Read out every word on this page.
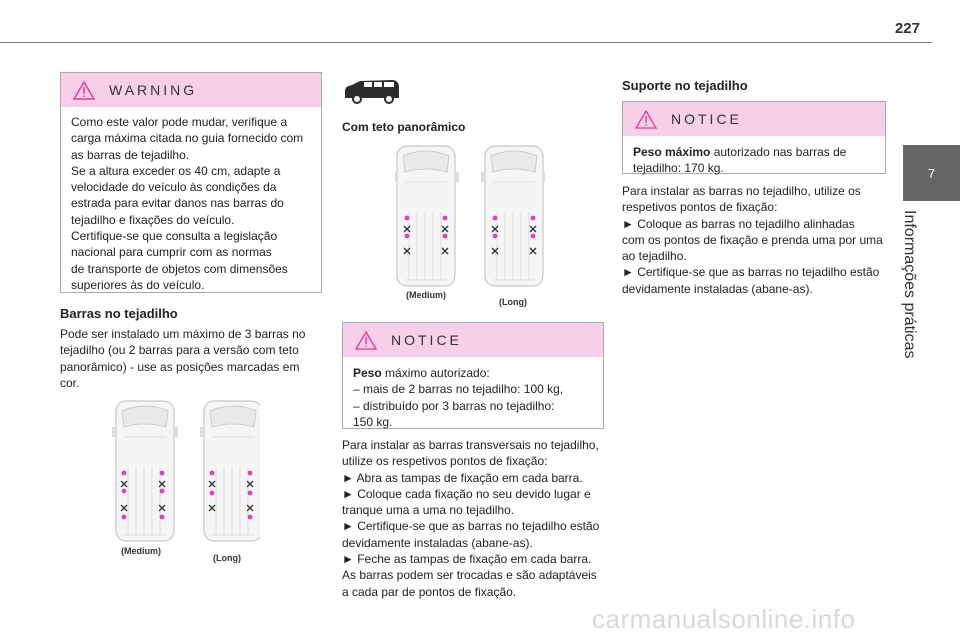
227
7
Informações práticas
WARNING
Como este valor pode mudar, verifique a
carga máxima citada no guia fornecido com
as barras de tejadilho.
Se a altura exceder os 40 cm, adapte a
velocidade do veículo às condições da
estrada para evitar danos nas barras do
tejadilho e fixações do veículo.
Certifique-se que consulta a legislação
nacional para cumprir com as normas
de transporte de objetos com dimensões
superiores às do veículo.
Barras no tejadilho
Pode ser instalado um máximo de 3 barras no
tejadilho (ou 2 barras para a versão com teto
panorâmico) - use as posições marcadas em
cor.
(Medium)
(Long)
Com teto panorâmico
(Medium)
(Long)
NOTICE
Peso máximo autorizado:
– mais de 2 barras no tejadilho: 100 kg,
– distribuído por 3 barras no tejadilho:
150 kg.
Para instalar as barras transversais no tejadilho,
utilize os respetivos pontos de fixação:
► Abra as tampas de fixação em cada barra.
► Coloque cada fixação no seu devido lugar e
tranque uma a uma no tejadilho.
► Certifique-se que as barras no tejadilho estão
devidamente instaladas (abane-as).
► Feche as tampas de fixação em cada barra.
As barras podem ser trocadas e são adaptáveis
a cada par de pontos de fixação.
Suporte no tejadilho
NOTICE
Peso máximo autorizado nas barras de
tejadilho: 170 kg.
Para instalar as barras no tejadilho, utilize os
respetivos pontos de fixação:
► Coloque as barras no tejadilho alinhadas
com os pontos de fixação e prenda uma por uma
ao tejadilho.
► Certifique-se que as barras no tejadilho estão
devidamente instaladas (abane-as).
carmanualsonline.info
